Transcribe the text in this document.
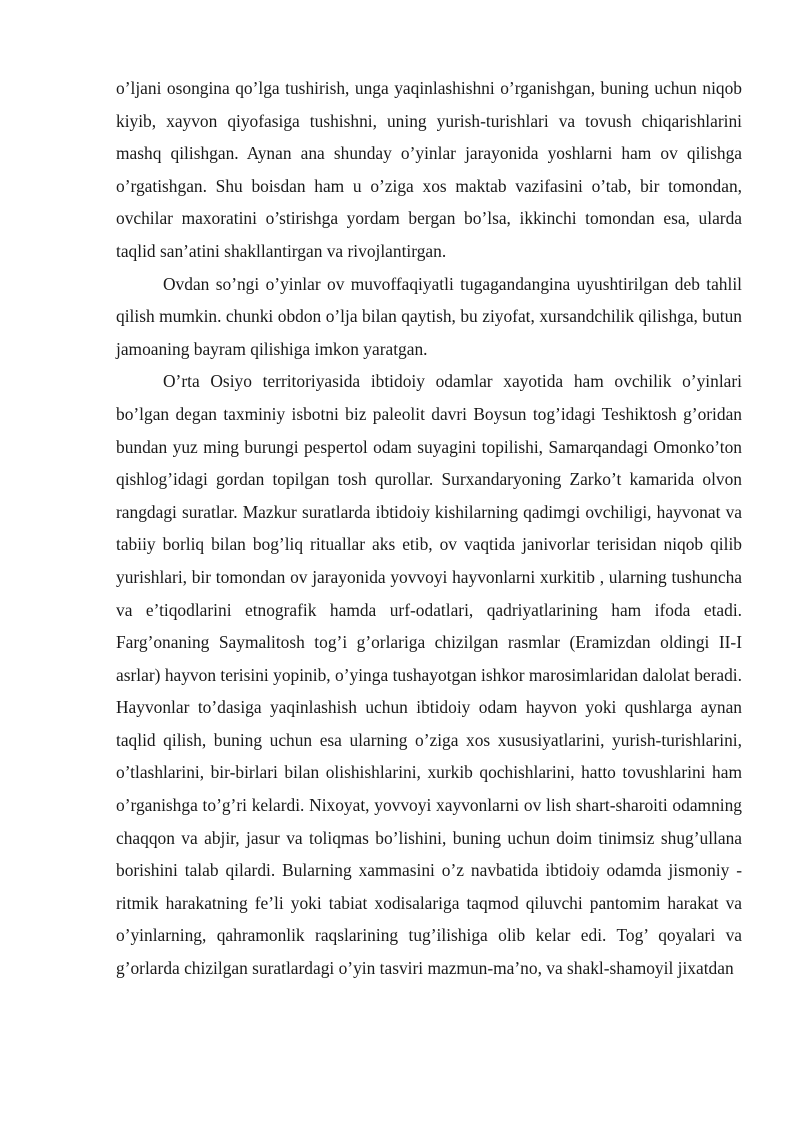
o’ljani osongina qo’lga tushirish, unga yaqinlashishni o’rganishgan, buning uchun niqob kiyib, xayvon qiyofasiga tushishni, uning yurish-turishlari va tovush chiqarishlarini mashq qilishgan. Aynan ana shunday o’yinlar jarayonida yoshlarni ham ov qilishga o’rgatishgan. Shu boisdan ham u o’ziga xos maktab vazifasini o’tab, bir tomondan, ovchilar maxoratini o’stirishga yordam bergan bo’lsa, ikkinchi tomondan esa, ularda taqlid san’atini shakllantirgan va rivojlantirgan.

Ovdan so’ngi o’yinlar ov muvoffaqiyatli tugagandangina uyushtirilgan deb tahlil qilish mumkin. chunki obdon o’lja bilan qaytish, bu ziyofat, xursandchilik qilishga, butun jamoaning bayram qilishiga imkon yaratgan.

O’rta Osiyo territoriyasida ibtidoiy odamlar xayotida ham ovchilik o’yinlari bo’lgan degan taxminiy isbotni biz paleolit davri Boysun tog’idagi Teshiktosh g’oridan bundan yuz ming burungi pespertol odam suyagini topilishi, Samarqandagi Omonko’ton qishlog’idagi gordan topilgan tosh qurollar. Surxandaryoning Zarko’t kamarida olvon rangdagi suratlar. Mazkur suratlarda ibtidoiy kishilarning qadimgi ovchiligi, hayvonat va tabiiy borliq bilan bog’liq rituallar aks etib, ov vaqtida janivorlar terisidan niqob qilib yurishlari, bir tomondan ov jarayonida yovvoyi hayvonlarni xurkitib , ularning tushuncha va e’tiqodlarini etnografik hamda urf-odatlari, qadriyatlarining ham ifoda etadi. Farg’onaning Saymalitosh tog’i g’orlariga chizilgan rasmlar (Eramizdan oldingi II-I asrlar) hayvon terisini yopinib, o’yinga tushayotgan ishkor marosimlaridan dalolat beradi. Hayvonlar to’dasiga yaqinlashish uchun ibtidoiy odam hayvon yoki qushlarga aynan taqlid qilish, buning uchun esa ularning o’ziga xos xususiyatlarini, yurish-turishlarini, o’tlashlarini, bir-birlari bilan olishishlarini, xurkib qochishlarini, hatto tovushlarini ham o’rganishga to’g’ri kelardi. Nixoyat, yovvoyi xayvonlarni ov lish shart-sharoiti odamning chaqqon va abjir, jasur va toliqmas bo’lishini, buning uchun doim tinimsiz shug’ullana borishini talab qilardi. Bularning xammasini o’z navbatida ibtidoiy odamda jismoniy - ritmik harakatning fe’li yoki tabiat xodisalariga taqmod qiluvchi pantomim harakat va o’yinlarning, qahramonlik raqslarining tug’ilishiga olib kelar edi. Tog’ qoyalari va g’orlarda chizilgan suratlardagi o’yin tasviri mazmun-ma’no, va shakl-shamoyil jixatdan
